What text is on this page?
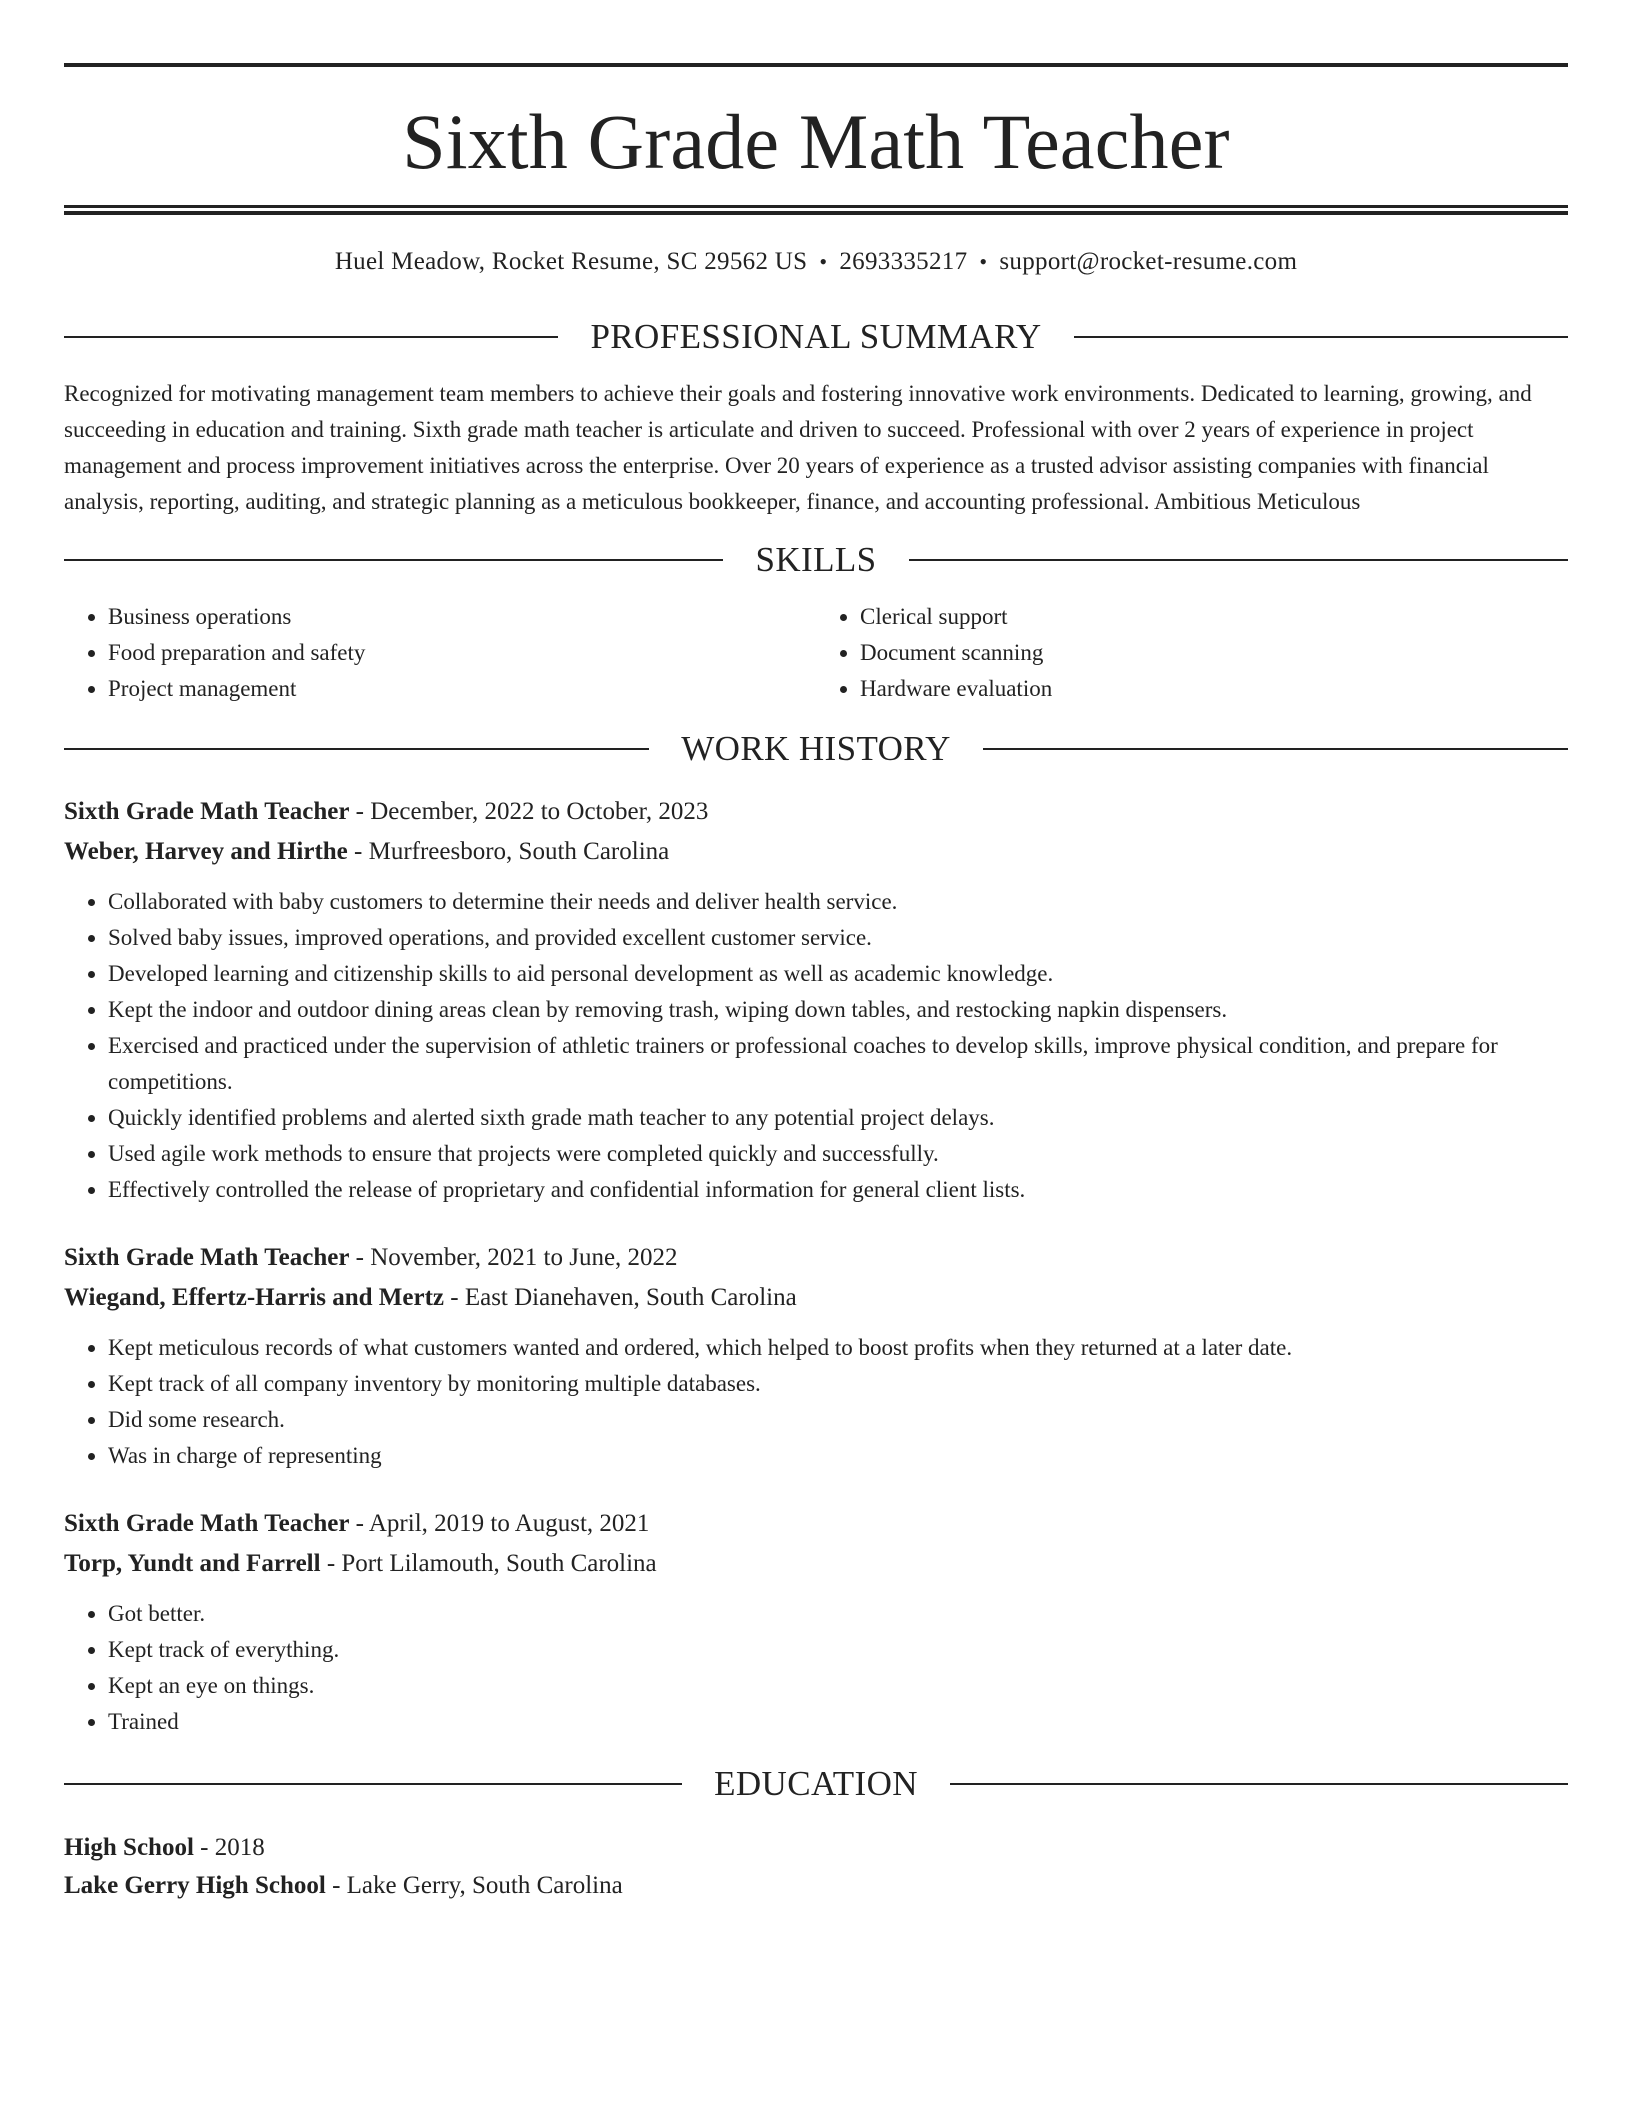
Sixth Grade Math Teacher
Huel Meadow, Rocket Resume, SC 29562 US • 2693335217 • support@rocket-resume.com
PROFESSIONAL SUMMARY
Recognized for motivating management team members to achieve their goals and fostering innovative work environments. Dedicated to learning, growing, and succeeding in education and training. Sixth grade math teacher is articulate and driven to succeed. Professional with over 2 years of experience in project management and process improvement initiatives across the enterprise. Over 20 years of experience as a trusted advisor assisting companies with financial analysis, reporting, auditing, and strategic planning as a meticulous bookkeeper, finance, and accounting professional. Ambitious Meticulous
SKILLS
• Business operations
• Food preparation and safety
• Project management
• Clerical support
• Document scanning
• Hardware evaluation
WORK HISTORY
Sixth Grade Math Teacher - December, 2022 to October, 2023
Weber, Harvey and Hirthe - Murfreesboro, South Carolina
• Collaborated with baby customers to determine their needs and deliver health service.
• Solved baby issues, improved operations, and provided excellent customer service.
• Developed learning and citizenship skills to aid personal development as well as academic knowledge.
• Kept the indoor and outdoor dining areas clean by removing trash, wiping down tables, and restocking napkin dispensers.
• Exercised and practiced under the supervision of athletic trainers or professional coaches to develop skills, improve physical condition, and prepare for competitions.
• Quickly identified problems and alerted sixth grade math teacher to any potential project delays.
• Used agile work methods to ensure that projects were completed quickly and successfully.
• Effectively controlled the release of proprietary and confidential information for general client lists.
Sixth Grade Math Teacher - November, 2021 to June, 2022
Wiegand, Effertz-Harris and Mertz - East Dianehaven, South Carolina
• Kept meticulous records of what customers wanted and ordered, which helped to boost profits when they returned at a later date.
• Kept track of all company inventory by monitoring multiple databases.
• Did some research.
• Was in charge of representing
Sixth Grade Math Teacher - April, 2019 to August, 2021
Torp, Yundt and Farrell - Port Lilamouth, South Carolina
• Got better.
• Kept track of everything.
• Kept an eye on things.
• Trained
EDUCATION
High School - 2018
Lake Gerry High School - Lake Gerry, South Carolina
